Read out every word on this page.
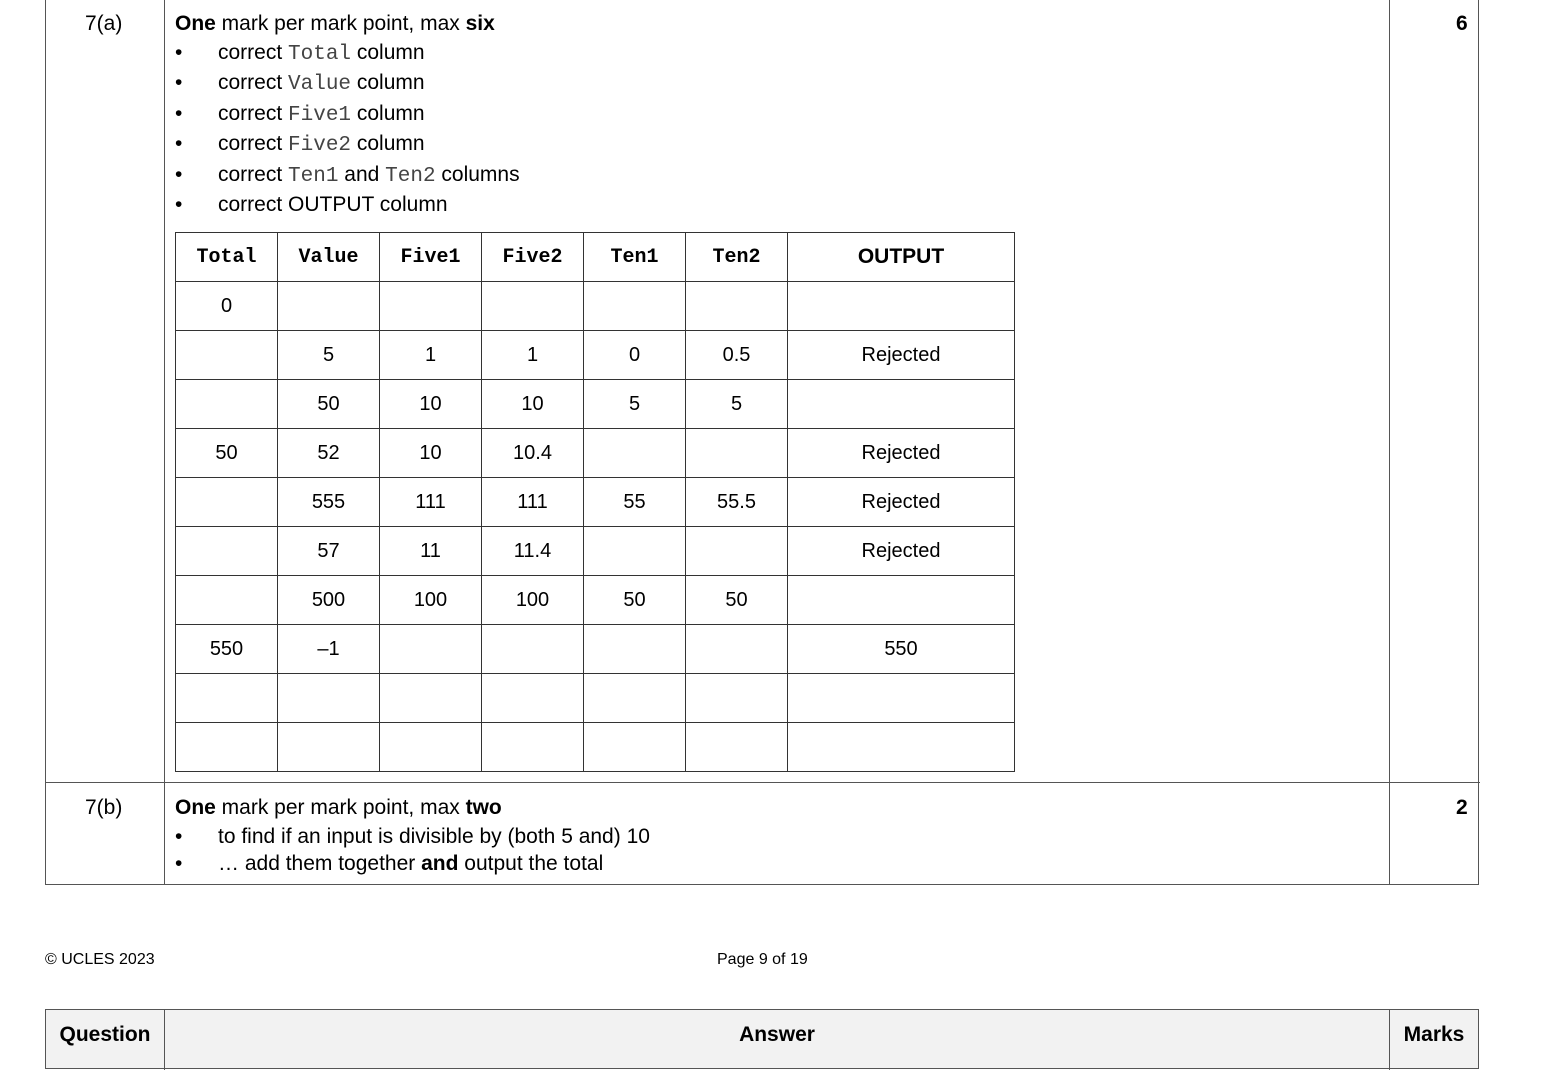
7(a)	6
One mark per mark point, max six
• correct Total column
• correct Value column
• correct Five1 column
• correct Five2 column
• correct Ten1 and Ten2 columns
• correct OUTPUT column
Total	Value	Five1	Five2	Ten1	Ten2	OUTPUT
0						
	5	1	1	0	0.5	Rejected
	50	10	10	5	5	
50	52	10	10.4			Rejected
	555	111	111	55	55.5	Rejected
	57	11	11.4			Rejected
	500	100	100	50	50	
550	–1					550

7(b)	2
One mark per mark point, max two
• to find if an input is divisible by (both 5 and) 10
• … add them together and output the total
© UCLES 2023	Page 9 of 19
Question	Answer	Marks
